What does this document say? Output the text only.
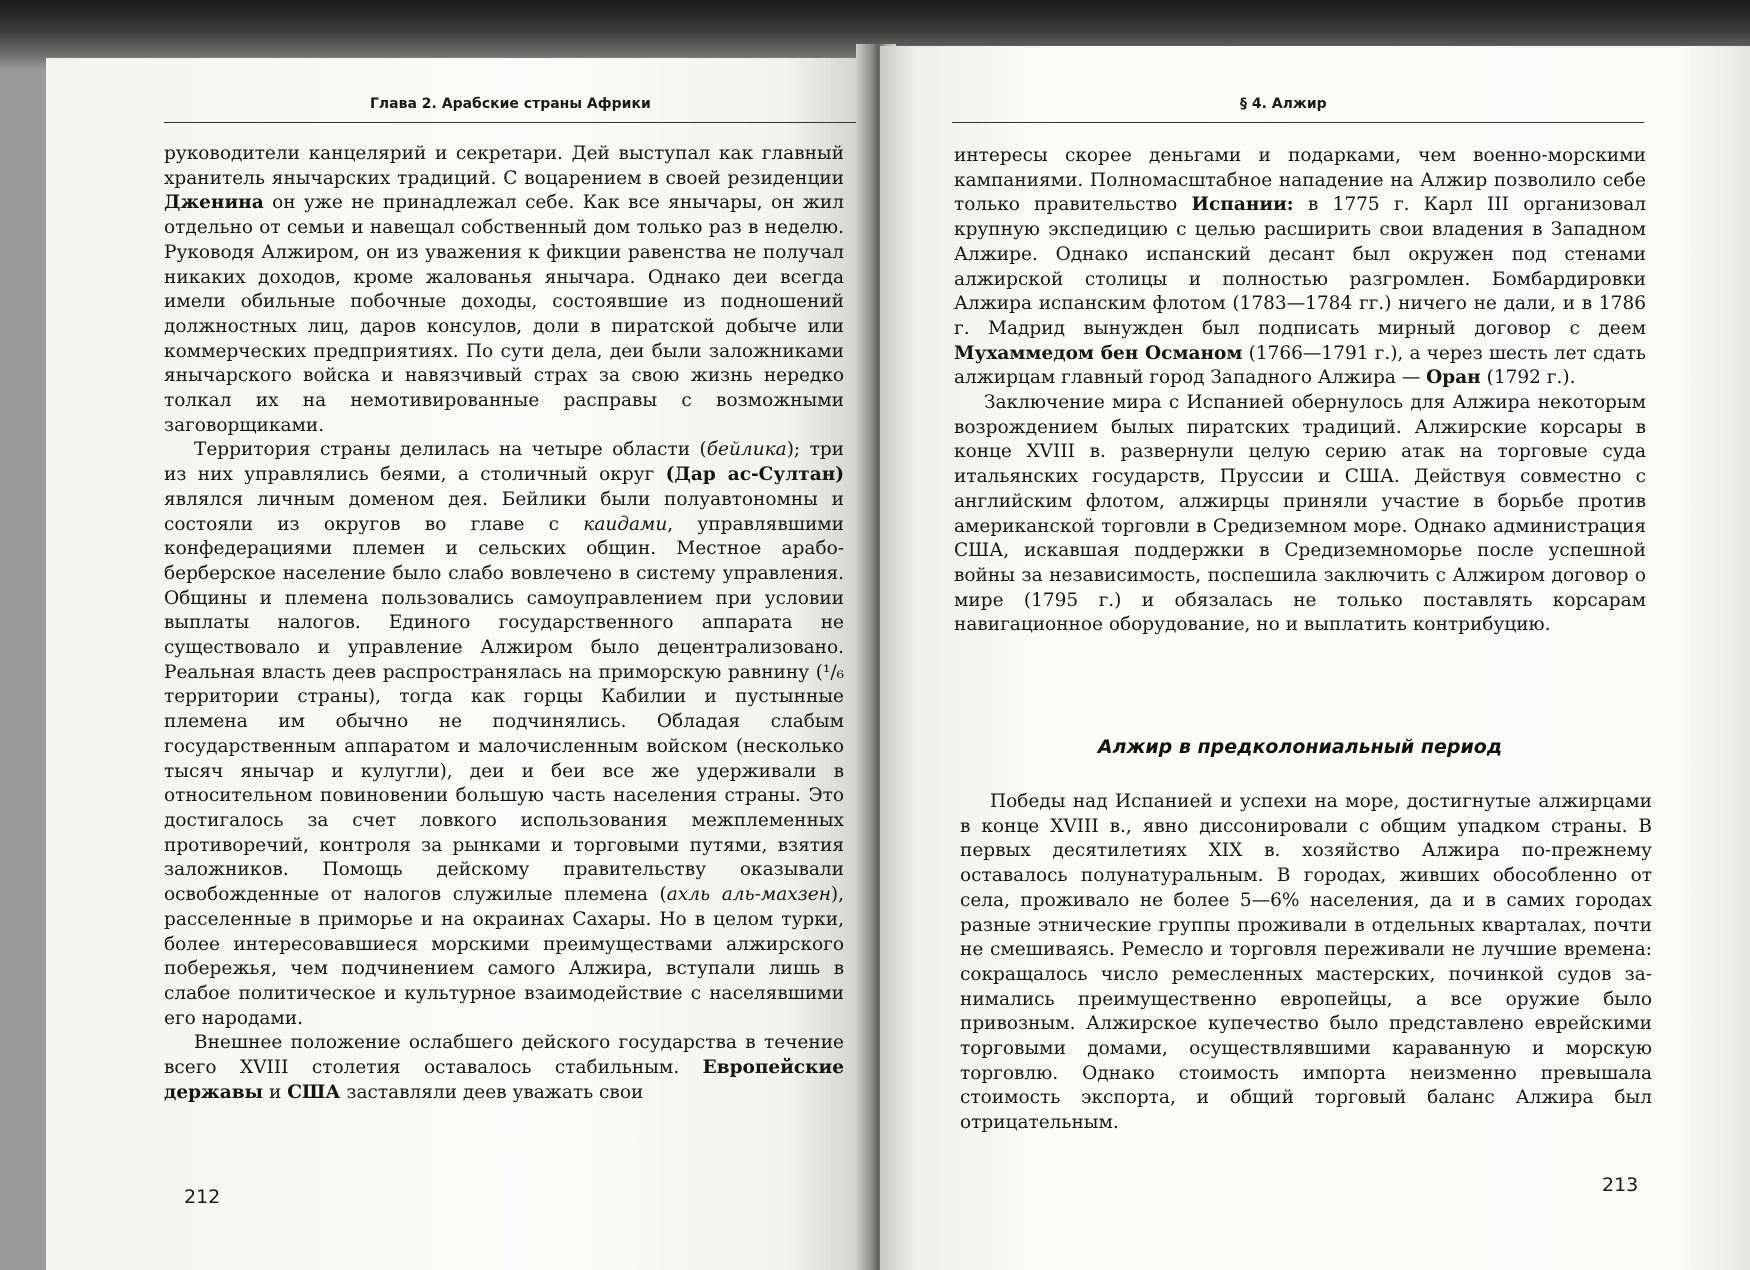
Глава 2. Арабские страны Африки

руководители канцелярий и секретари. Дей выступал как главный хранитель янычарских традиций. С воцарением в своей резиденции Дженина он уже не принадлежал себе. Как все янычары, он жил отдельно от семьи и навещал собственный дом только раз в неделю. Руководя Алжиром, он из уважения к фикции равенства не получал никаких доходов, кроме жалованья янычара. Однако деи всегда имели обильные побочные доходы, состоявшие из подношений должностных лиц, даров консулов, доли в пиратской добыче или коммерческих предприятиях. По сути дела, деи были заложниками янычарского войска и навязчивый страх за свою жизнь нередко толкал их на немотивированные расправы с возможными заговорщиками.

Территория страны делилась на четыре области (бейлика); три из них управлялись беями, а столичный округ (Дар ас-Султан) являлся личным доменом дея. Бейлики были полуавтономны и состояли из округов во главе с каидами, управлявшими конфедерациями племен и сельских общин. Местное арабо-берберское население было слабо вовлечено в систему управления. Общины и племена пользовались самоуправлением при условии выплаты налогов. Единого государственного аппарата не существовало и управление Алжиром было децентрализовано. Реальная власть деев распространялась на приморскую равнину (¹/₆ территории страны), тогда как горцы Кабилии и пустынные племена им обычно не подчинялись. Обладая слабым государственным аппаратом и малочисленным войском (несколько тысяч янычар и кулугли), деи и беи все же удерживали в относительном повиновении большую часть населения страны. Это достигалось за счет ловкого использования межплеменных противоречий, контроля за рынками и торговыми путями, взятия заложников. Помощь дейскому правительству оказывали освобожденные от налогов служилые племена (ахль аль-махзен), расселенные в приморье и на окраинах Сахары. Но в целом турки, более интересовавшиеся морскими преимуществами алжирского побережья, чем подчинением самого Алжира, вступали лишь в слабое политическое и культурное взаимодействие с населявшими его народами.

Внешнее положение ослабшего дейского государства в течение всего XVIII столетия оставалось стабильным. Европейские державы и США заставляли деев уважать свои

212
§ 4. Алжир

интересы скорее деньгами и подарками, чем военно-морскими кампаниями. Полномасштабное нападение на Алжир позволило себе только правительство Испании: в 1775 г. Карл III организовал крупную экспедицию с целью расширить свои владения в Западном Алжире. Однако испанский десант был окружен под стенами алжирской столицы и полностью разгромлен. Бомбардировки Алжира испанским флотом (1783—1784 гг.) ничего не дали, и в 1786 г. Мадрид вынужден был подписать мирный договор с деем Мухаммедом бен Османом (1766—1791 г.), а через шесть лет сдать алжирцам главный город Западного Алжира — Оран (1792 г.).

Заключение мира с Испанией обернулось для Алжира некоторым возрождением былых пиратских традиций. Алжирские корсары в конце XVIII в. развернули целую серию атак на торговые суда итальянских государств, Пруссии и США. Действуя совместно с английским флотом, алжирцы приняли участие в борьбе против американской торговли в Средиземном море. Однако администрация США, искавшая поддержки в Средиземноморье после успешной войны за независимость, поспешила заключить с Алжиром договор о мире (1795 г.) и обязалась не только поставлять корсарам навигационное оборудование, но и выплатить контрибуцию.

Алжир в предколониальный период

Победы над Испанией и успехи на море, достигнутые алжирцами в конце XVIII в., явно диссонировали с общим упадком страны. В первых десятилетиях XIX в. хозяйство Алжира по-прежнему оставалось полунатуральным. В городах, живших обособленно от села, проживало не более 5—6% населения, да и в самих городах разные этнические группы проживали в отдельных кварталах, почти не смешиваясь. Ремесло и торговля переживали не лучшие времена: сокращалось число ремесленных мастерских, починкой судов занимались преимущественно европейцы, а все оружие было привозным. Алжирское купечество было представлено еврейскими торговыми домами, осуществлявшими караванную и морскую торговлю. Однако стоимость импорта неизменно превышала стоимость экспорта, и общий торговый баланс Алжира был отрицательным.

213
